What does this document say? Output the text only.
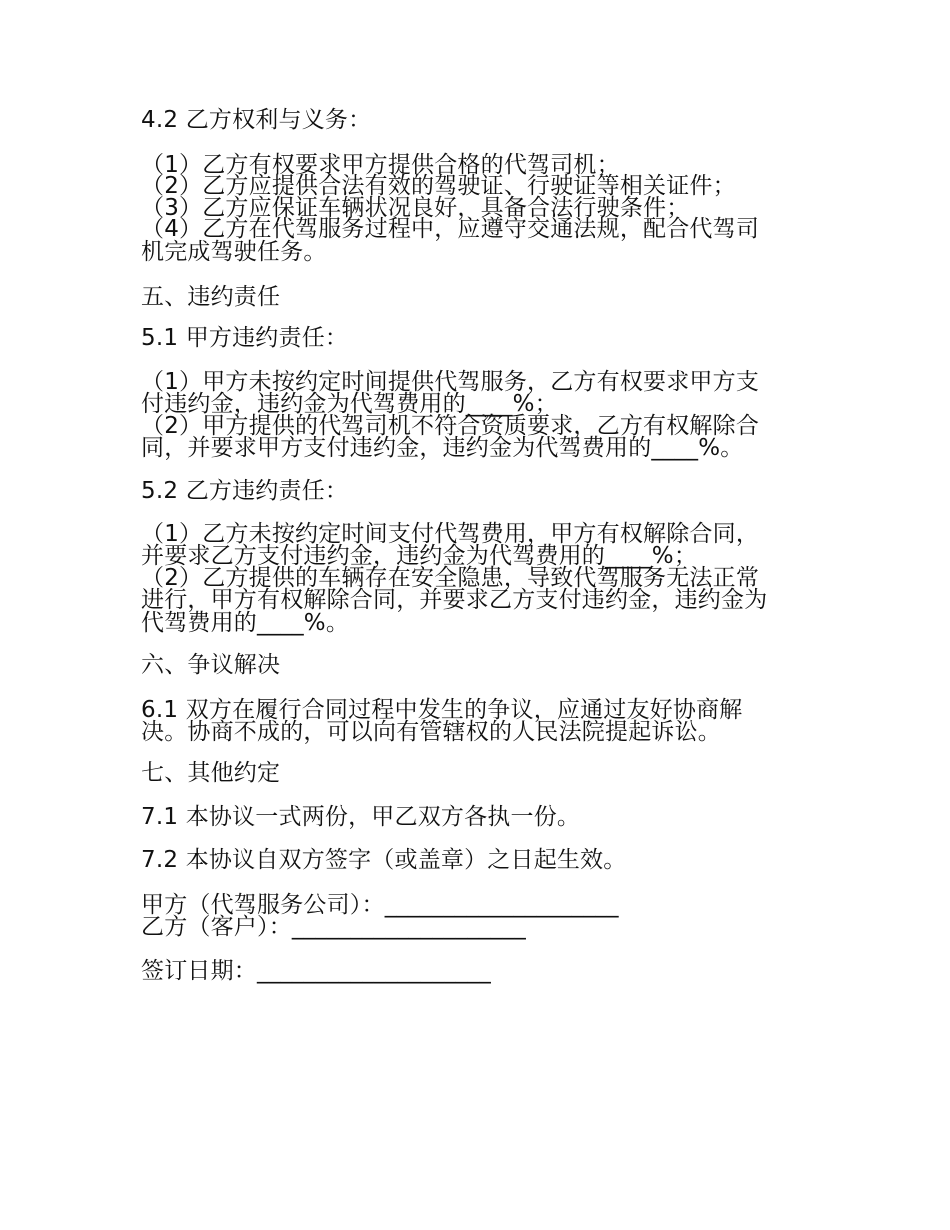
4.2 乙方权利与义务：
（1）乙方有权要求甲方提供合格的代驾司机；
（2）乙方应提供合法有效的驾驶证、行驶证等相关证件；
（3）乙方应保证车辆状况良好，具备合法行驶条件；
（4）乙方在代驾服务过程中，应遵守交通法规，配合代驾司
机完成驾驶任务。
五、违约责任
5.1 甲方违约责任：
（1）甲方未按约定时间提供代驾服务，乙方有权要求甲方支
付违约金，违约金为代驾费用的____%；
（2）甲方提供的代驾司机不符合资质要求，乙方有权解除合
同，并要求甲方支付违约金，违约金为代驾费用的____%。
5.2 乙方违约责任：
（1）乙方未按约定时间支付代驾费用，甲方有权解除合同，
并要求乙方支付违约金，违约金为代驾费用的____%；
（2）乙方提供的车辆存在安全隐患，导致代驾服务无法正常
进行，甲方有权解除合同，并要求乙方支付违约金，违约金为
代驾费用的____%。
六、争议解决
6.1 双方在履行合同过程中发生的争议，应通过友好协商解
决。协商不成的，可以向有管辖权的人民法院提起诉讼。
七、其他约定
7.1 本协议一式两份，甲乙双方各执一份。
7.2 本协议自双方签字（或盖章）之日起生效。
甲方（代驾服务公司）：____________________
乙方（客户）：____________________
签订日期：____________________
